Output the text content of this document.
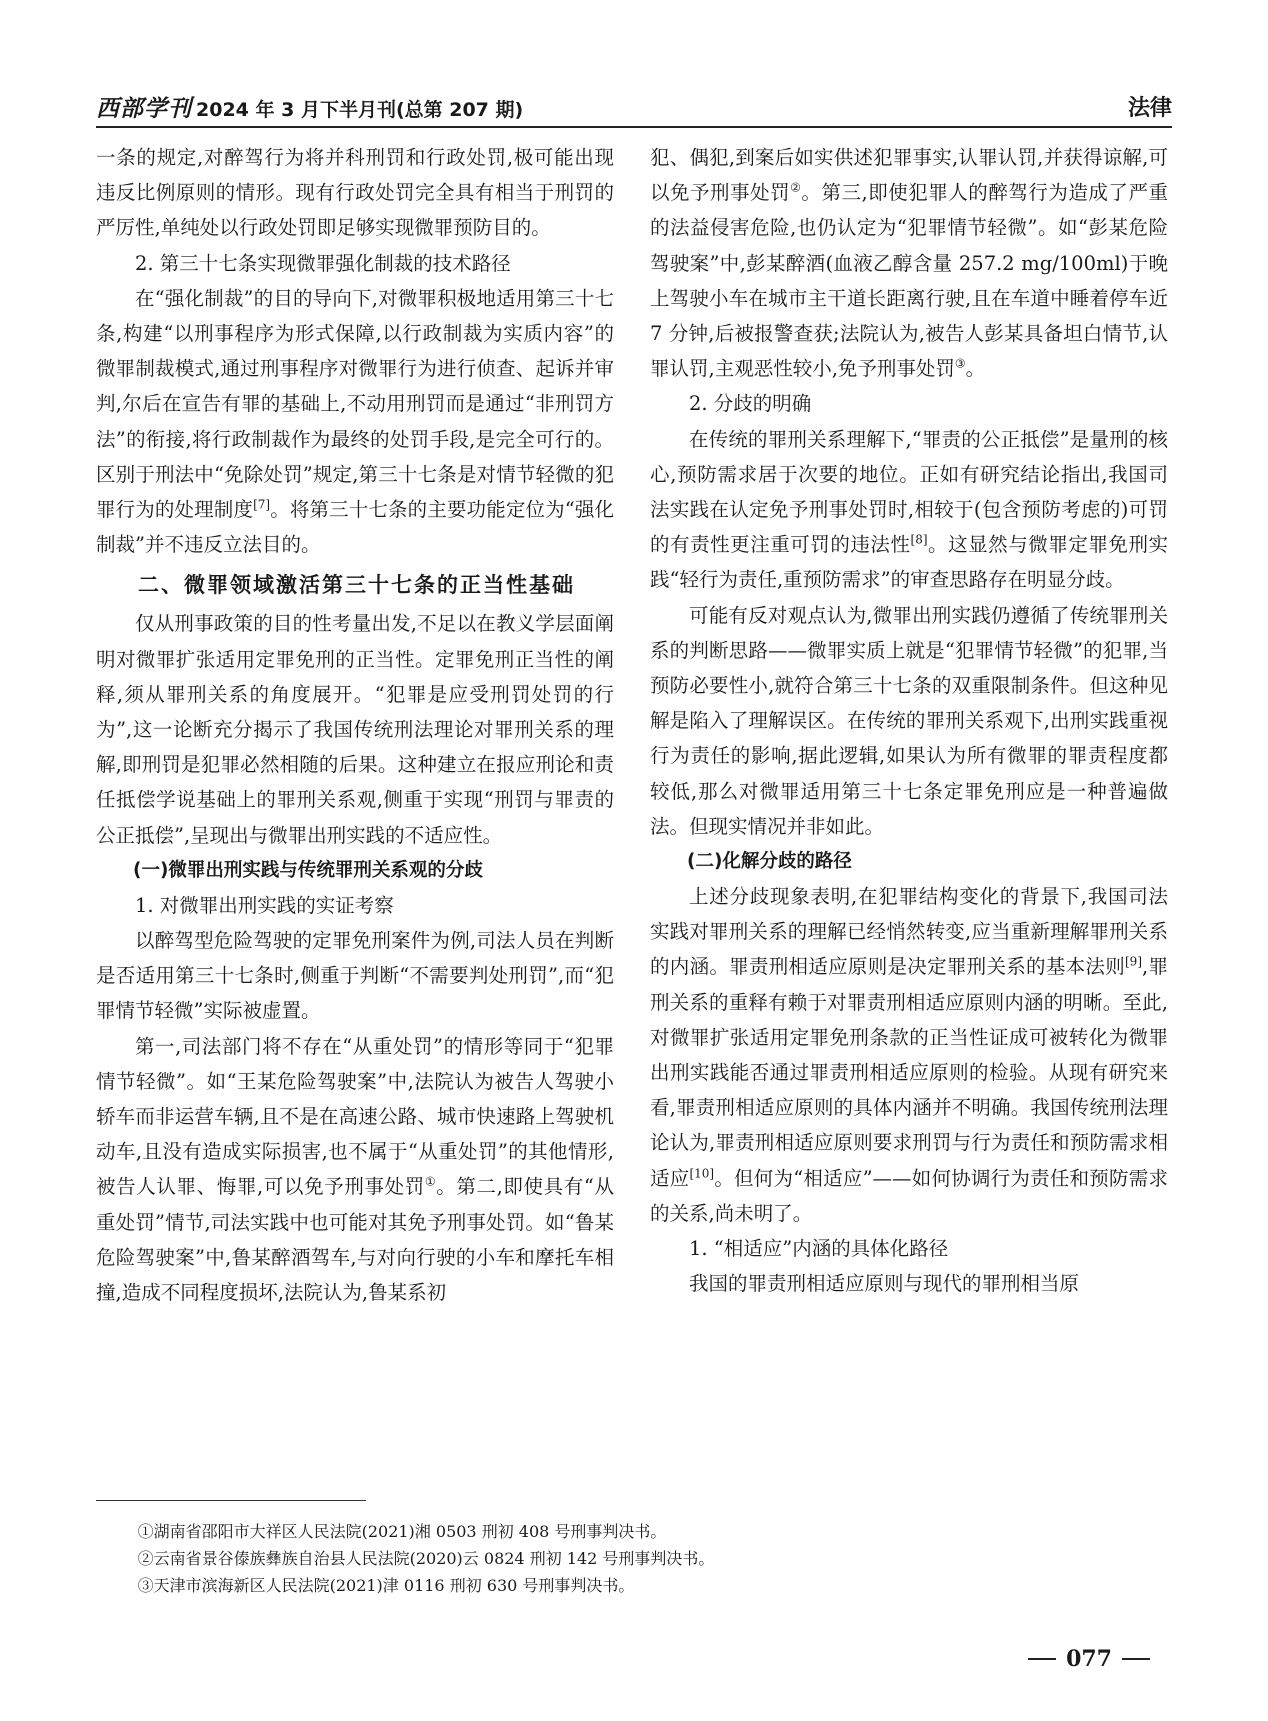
西部学刊 2024 年 3 月下半月刊(总第 207 期)	法律

一条的规定,对醉驾行为将并科刑罚和行政处罚,极可能出现违反比例原则的情形。现有行政处罚完全具有相当于刑罚的严厉性,单纯处以行政处罚即足够实现微罪预防目的。

2. 第三十七条实现微罪强化制裁的技术路径

在“强化制裁”的目的导向下,对微罪积极地适用第三十七条,构建“以刑事程序为形式保障,以行政制裁为实质内容”的微罪制裁模式,通过刑事程序对微罪行为进行侦查、起诉并审判,尔后在宣告有罪的基础上,不动用刑罚而是通过“非刑罚方法”的衔接,将行政制裁作为最终的处罚手段,是完全可行的。区别于刑法中“免除处罚”规定,第三十七条是对情节轻微的犯罪行为的处理制度[7]。将第三十七条的主要功能定位为“强化制裁”并不违反立法目的。

二、微罪领域激活第三十七条的正当性基础

仅从刑事政策的目的性考量出发,不足以在教义学层面阐明对微罪扩张适用定罪免刑的正当性。定罪免刑正当性的阐释,须从罪刑关系的角度展开。“犯罪是应受刑罚处罚的行为”,这一论断充分揭示了我国传统刑法理论对罪刑关系的理解,即刑罚是犯罪必然相随的后果。这种建立在报应刑论和责任抵偿学说基础上的罪刑关系观,侧重于实现“刑罚与罪责的公正抵偿”,呈现出与微罪出刑实践的不适应性。

(一)微罪出刑实践与传统罪刑关系观的分歧

1. 对微罪出刑实践的实证考察

以醉驾型危险驾驶的定罪免刑案件为例,司法人员在判断是否适用第三十七条时,侧重于判断“不需要判处刑罚”,而“犯罪情节轻微”实际被虚置。

第一,司法部门将不存在“从重处罚”的情形等同于“犯罪情节轻微”。如“王某危险驾驶案”中,法院认为被告人驾驶小轿车而非运营车辆,且不是在高速公路、城市快速路上驾驶机动车,且没有造成实际损害,也不属于“从重处罚”的其他情形,被告人认罪、悔罪,可以免予刑事处罚①。第二,即使具有“从重处罚”情节,司法实践中也可能对其免予刑事处罚。如“鲁某危险驾驶案”中,鲁某醉酒驾车,与对向行驶的小车和摩托车相撞,造成不同程度损坏,法院认为,鲁某系初

犯、偶犯,到案后如实供述犯罪事实,认罪认罚,并获得谅解,可以免予刑事处罚②。第三,即使犯罪人的醉驾行为造成了严重的法益侵害危险,也仍认定为“犯罪情节轻微”。如“彭某危险驾驶案”中,彭某醉酒(血液乙醇含量 257.2 mg/100ml)于晚上驾驶小车在城市主干道长距离行驶,且在车道中睡着停车近 7 分钟,后被报警查获;法院认为,被告人彭某具备坦白情节,认罪认罚,主观恶性较小,免予刑事处罚③。

2. 分歧的明确

在传统的罪刑关系理解下,“罪责的公正抵偿”是量刑的核心,预防需求居于次要的地位。正如有研究结论指出,我国司法实践在认定免予刑事处罚时,相较于(包含预防考虑的)可罚的有责性更注重可罚的违法性[8]。这显然与微罪定罪免刑实践“轻行为责任,重预防需求”的审查思路存在明显分歧。

可能有反对观点认为,微罪出刑实践仍遵循了传统罪刑关系的判断思路——微罪实质上就是“犯罪情节轻微”的犯罪,当预防必要性小,就符合第三十七条的双重限制条件。但这种见解是陷入了理解误区。在传统的罪刑关系观下,出刑实践重视行为责任的影响,据此逻辑,如果认为所有微罪的罪责程度都较低,那么对微罪适用第三十七条定罪免刑应是一种普遍做法。但现实情况并非如此。

(二)化解分歧的路径

上述分歧现象表明,在犯罪结构变化的背景下,我国司法实践对罪刑关系的理解已经悄然转变,应当重新理解罪刑关系的内涵。罪责刑相适应原则是决定罪刑关系的基本法则[9],罪刑关系的重释有赖于对罪责刑相适应原则内涵的明晰。至此,对微罪扩张适用定罪免刑条款的正当性证成可被转化为微罪出刑实践能否通过罪责刑相适应原则的检验。从现有研究来看,罪责刑相适应原则的具体内涵并不明确。我国传统刑法理论认为,罪责刑相适应原则要求刑罚与行为责任和预防需求相适应[10]。但何为“相适应”——如何协调行为责任和预防需求的关系,尚未明了。

1. “相适应”内涵的具体化路径

我国的罪责刑相适应原则与现代的罪刑相当原

①湖南省邵阳市大祥区人民法院(2021)湘 0503 刑初 408 号刑事判决书。
②云南省景谷傣族彝族自治县人民法院(2020)云 0824 刑初 142 号刑事判决书。
③天津市滨海新区人民法院(2021)津 0116 刑初 630 号刑事判决书。
077
